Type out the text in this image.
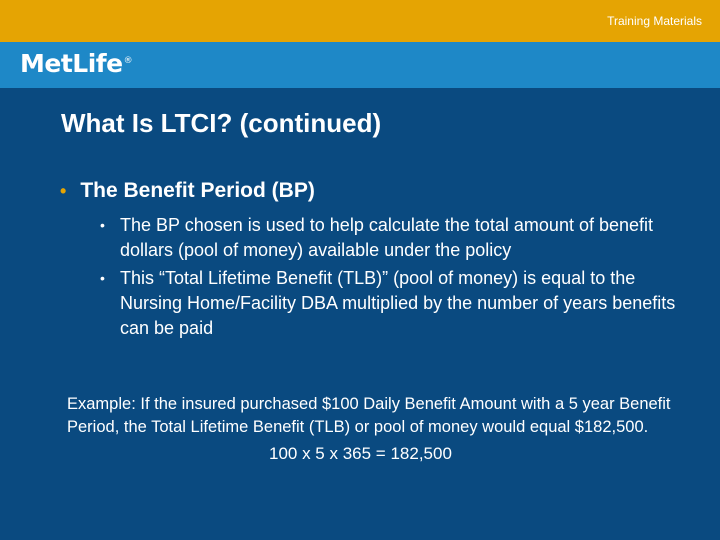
Training Materials
MetLife®
What Is LTCI? (continued)
• The Benefit Period (BP)
• The BP chosen is used to help calculate the total amount of benefit dollars (pool of money) available under the policy
• This “Total Lifetime Benefit (TLB)” (pool of money) is equal to the Nursing Home/Facility DBA multiplied by the number of years benefits can be paid
Example: If the insured purchased $100 Daily Benefit Amount with a 5 year Benefit Period, the Total Lifetime Benefit (TLB) or pool of money would equal $182,500.
100 x 5 x 365 = 182,500
